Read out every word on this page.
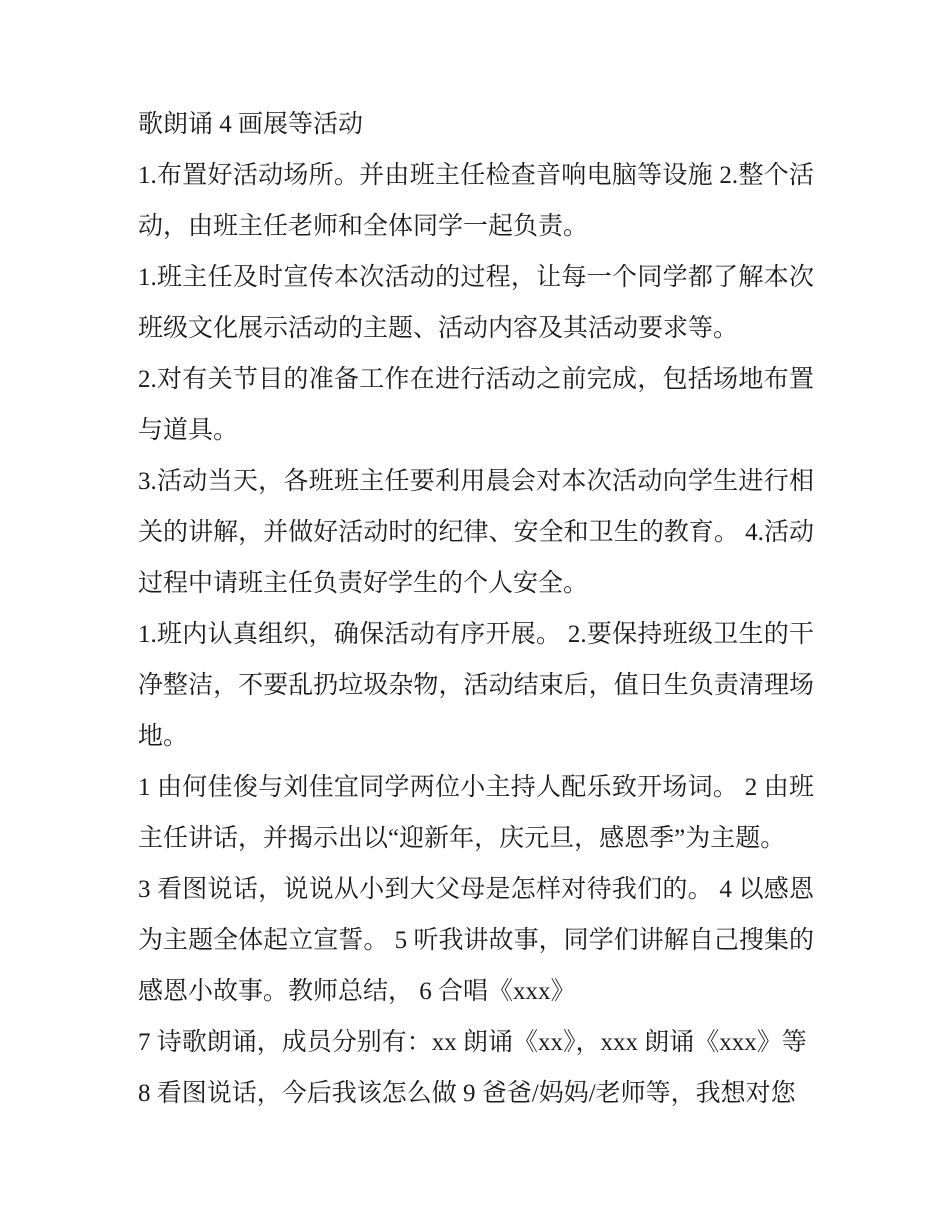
歌朗诵 4 画展等活动
1.布置好活动场所。并由班主任检查音响电脑等设施 2.整个活
动，由班主任老师和全体同学一起负责。
1.班主任及时宣传本次活动的过程，让每一个同学都了解本次
班级文化展示活动的主题、活动内容及其活动要求等。
2.对有关节目的准备工作在进行活动之前完成，包括场地布置
与道具。
3.活动当天，各班班主任要利用晨会对本次活动向学生进行相
关的讲解，并做好活动时的纪律、安全和卫生的教育。 4.活动
过程中请班主任负责好学生的个人安全。
1.班内认真组织，确保活动有序开展。 2.要保持班级卫生的干
净整洁，不要乱扔垃圾杂物，活动结束后，值日生负责清理场
地。
1 由何佳俊与刘佳宜同学两位小主持人配乐致开场词。 2 由班
主任讲话，并揭示出以“迎新年，庆元旦，感恩季”为主题。
3 看图说话，说说从小到大父母是怎样对待我们的。 4 以感恩
为主题全体起立宣誓。 5 听我讲故事，同学们讲解自己搜集的
感恩小故事。教师总结， 6 合唱《xxx》
7 诗歌朗诵，成员分别有：xx 朗诵《xx》，xxx 朗诵《xxx》等
8 看图说话，今后我该怎么做 9 爸爸/妈妈/老师等，我想对您
